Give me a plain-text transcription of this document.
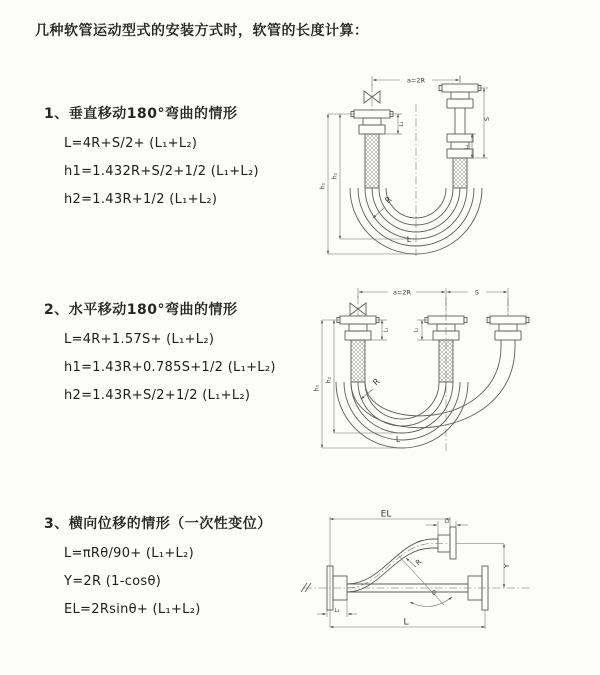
几种软管运动型式的安装方式时，软管的长度计算：
1、垂直移动180°弯曲的情形
L=4R+S/2+ (L₁+L₂)
h1=1.432R+S/2+1/2 (L₁+L₂)
h2=1.43R+1/2 (L₁+L₂)
2、水平移动180°弯曲的情形
L=4R+1.57S+ (L₁+L₂)
h1=1.43R+0.785S+1/2 (L₁+L₂)
h2=1.43R+S/2+1/2 (L₁+L₂)
3、横向位移的情形（一次性变位）
L=πRθ/90+ (L₁+L₂)
Y=2R (1-cosθ)
EL=2Rsinθ+ (L₁+L₂)
a=2R
h₁
h₂
L₁
S
L₂
R
L
a=2R	S
h₁
h₂
L₁	L₂
R
L
EL
L₂
Y
θ
R
L
L₁
